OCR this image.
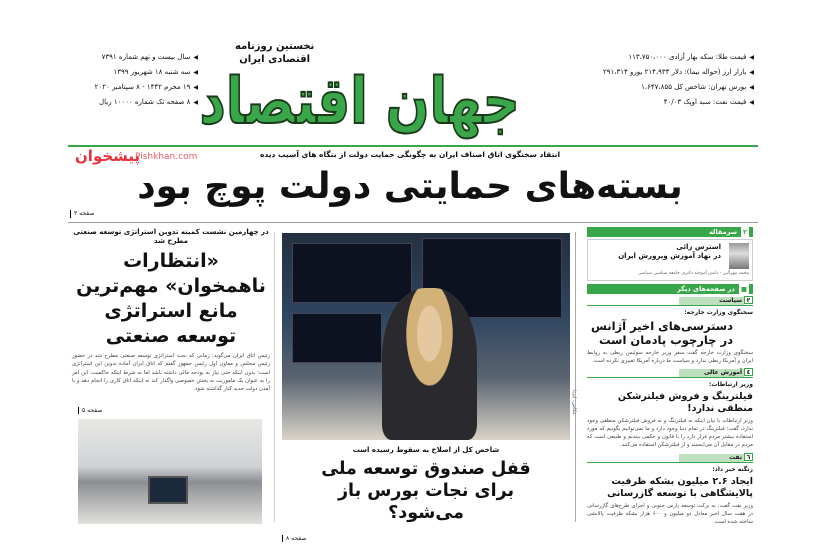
◀
سال بیست و نهم شماره ۷۳۹۱
◀
سه شنبه ۱۸ شهریور ۱۳۹۹
◀
۱۹ محرم ۱۴۴۲ - ۸ سپتامبر ۲۰۲۰
◀
۸ صفحه تک شماره ۱۰۰۰۰ ریال جهان اقتصاد
نخستین روزنامه
اقتصادی ایران	◀
قیمت طلا: سکه بهار آزادی ۱۱۳،۷۵۰،۰۰۰
◀
بازار ارز (حواله نیما): دلار ۲۱۴،۹۳۳ یورو ۲۹۱،۳۱۴
◀
بورس تهران: شاخص کل ۱،۶۴۷،۸۵۵
◀
قیمت نفت: سبد اوپک ۴۰/۰۳
پیشخوان
Pishkhan.com	انتقاد سخنگوی اتاق اصناف ایران به چگونگی حمایت دولت از بنگاه های آسیب دیده
بسته‌های حمایتی دولت پوچ بود
صفحه ۳
در چهارمین نشست کمیته تدوین استراتژی توسعه صنعتی مطرح شد
«انتظارات ناهمخوان» مهم‌ترین مانع استراتژی توسعه صنعتی
رئیس اتاق ایران می‌گوید: زمانی که بحث استراتژی توسعه صنعتی مطرح شد در حضور رئیس مجلس و معاون اول رئیس جمهور گفتم که اتاق ایران آماده تدوین این استراتژی است؛ بدون اینکه حتی نیاز به بودجه مالی داشته باشد اما به شرط اینکه حاکمیت، این امر را به عنوان یک ماموریت به بخش خصوصی واگذار کند نه اینکه اتاق کاری را انجام دهد و با آمدن دولت جدید کنار گذاشته شود.
صفحه ۵	عکاس: ایرنا
شاخص کل از اصلاح به سقوط رسیده است
قفل صندوق توسعه ملی برای نجات بورس باز می‌شود؟
صفحه ۸
۲
سرمقاله
استرس زائی
در نهاد آموزش وپرورش ایران
محمد مهرآئین - دانش آموخته دکتری جامعه شناسی سیاسی
■
در صفحه‌های دیگر
۲سیاست
سخنگوی وزارت خارجه:
دسترسی‌های اخیر آژانس در چارچوب پادمان است
سخنگوی وزارت خارجه گفت سفر وزیر خارجه سوئیس ربطی به روابط ایران و آمریکا ربطی ندارد و سیاست ما درباره آمریکا تغییری نکرده است.
٤آموزش عالی
وزیر ارتباطات:
فیلترینگ و فروش فیلترشکن منطقی ندارد!
وزیر ارتباطات با بیان اینکه نه فیلترینگ و نه فروش فیلترشکن منطقی وجود ندارد، گفت: فیلترینگ در تمام دنیا وجود دارد و ما نمی‌توانیم بگوییم که مورد استفاده بیشتر مردم قرار دارد را با قانون و حکمی ببندیم و طبیعی است که مردم در مقابل آن می‌ایستند و از فیلترشکن استفاده می‌کنند.
٦نفت
زنگنه خبر داد:
ایجاد ۲.۶ میلیون بشکه ظرفیت پالایشگاهی با توسعه گازرسانی
وزیر نفت گفت: به برکت توسعه پارس جنوبی و اجرای طرح‌های گازرسانی در هفت سال اخیر معادل دو میلیون و ۶۰۰ هزار بشکه ظرفیت پالایشی ساخته شده است.
